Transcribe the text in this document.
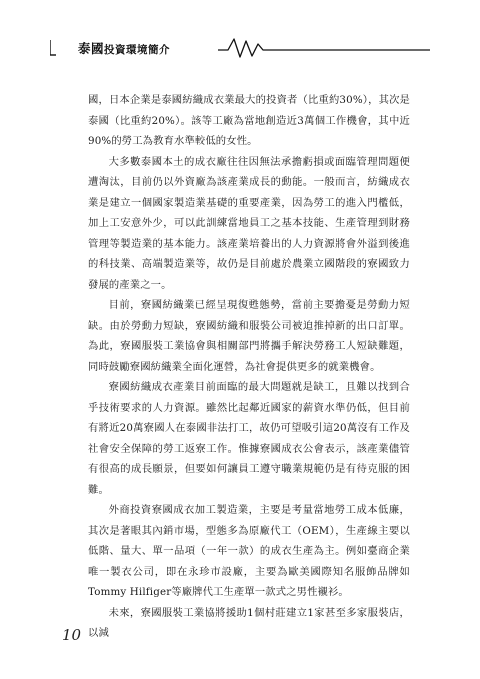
泰國投資環境簡介

國，日本企業是泰國紡織成衣業最大的投資者（比重約30%），其次是泰國（比重約20%）。該等工廠為當地創造近3萬個工作機會，其中近90%的勞工為教育水準較低的女性。

大多數泰國本土的成衣廠往往因無法承擔虧損或面臨管理問題便遭淘汰，目前仍以外資廠為該產業成長的動能。一般而言，紡織成衣業是建立一個國家製造業基礎的重要產業，因為勞工的進入門檻低，加上工安意外少，可以此訓練當地員工之基本技能、生產管理到財務管理等製造業的基本能力。該產業培養出的人力資源將會外溢到後進的科技業、高端製造業等，故仍是目前處於農業立國階段的寮國致力發展的產業之一。

目前，寮國紡織業已經呈現復甦態勢，當前主要擔憂是勞動力短缺。由於勞動力短缺，寮國紡織和服裝公司被迫推掉新的出口訂單。為此，寮國服裝工業協會與相關部門將攜手解決勞務工人短缺難題，同時鼓勵寮國紡織業全面化運營，為社會提供更多的就業機會。

寮國紡織成衣產業目前面臨的最大問題就是缺工，且難以找到合乎技術要求的人力資源。雖然比起鄰近國家的薪資水準仍低，但目前有將近20萬寮國人在泰國非法打工，故仍可望吸引這20萬沒有工作及社會安全保障的勞工返寮工作。惟據寮國成衣公會表示，該產業儘管有很高的成長願景，但要如何讓員工遵守職業規範仍是有待克服的困難。

外商投資寮國成衣加工製造業，主要是考量當地勞工成本低廉，其次是著眼其內銷市場，型態多為原廠代工（OEM），生產線主要以低階、量大、單一品項（一年一款）的成衣生產為主。例如臺商企業唯一製衣公司，即在永珍市設廠，主要為歐美國際知名服飾品牌如Tommy Hilfiger等廠牌代工生產單一款式之男性襯衫。

未來，寮國服裝工業協將援助1個村莊建立1家甚至多家服裝店，以減

10
